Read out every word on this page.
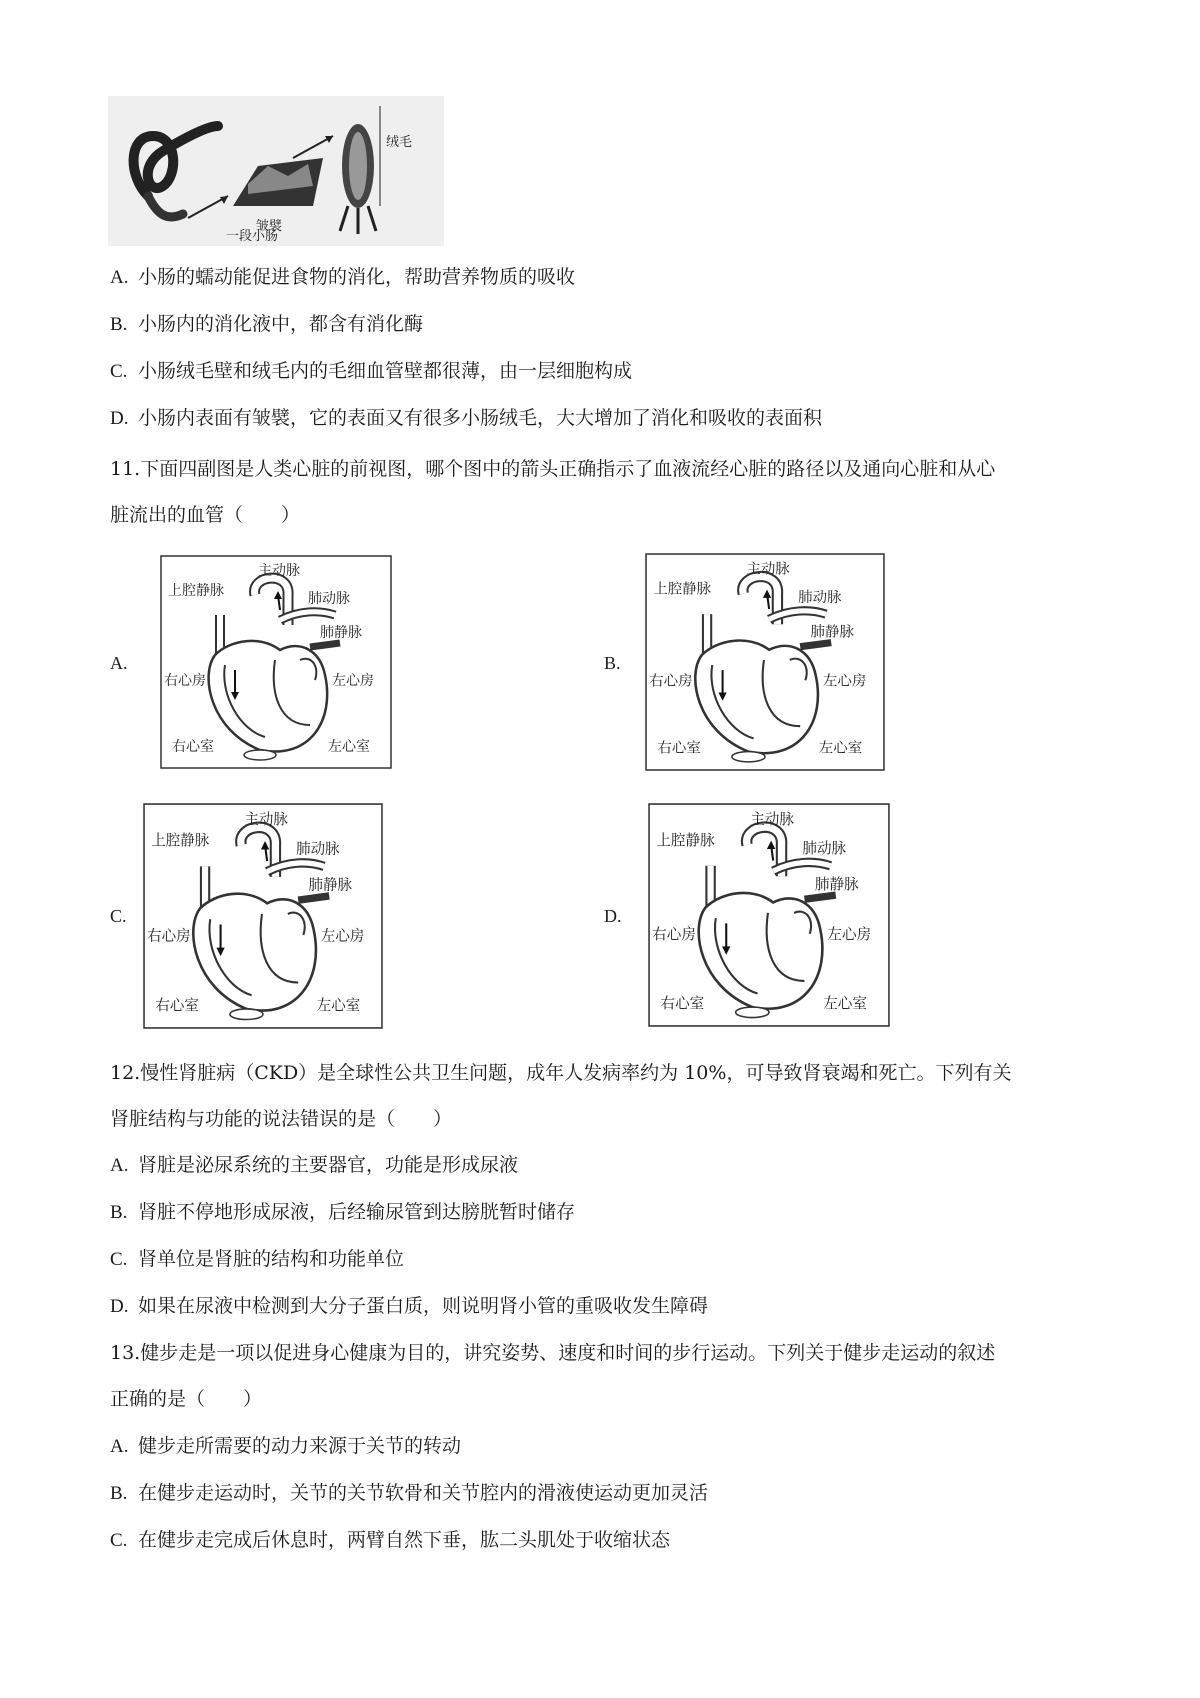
一段小肠
皱襞
绒毛
A. 小肠的蠕动能促进食物的消化，帮助营养物质的吸收
B. 小肠内的消化液中，都含有消化酶
C. 小肠绒毛壁和绒毛内的毛细血管壁都很薄，由一层细胞构成
D. 小肠内表面有皱襞，它的表面又有很多小肠绒毛，大大增加了消化和吸收的表面积
11.下面四副图是人类心脏的前视图，哪个图中的箭头正确指示了血液流经心脏的路径以及通向心脏和从心
脏流出的血管（　　）
A.	B.
C.	D.
主动脉
上腔静脉	肺动脉
肺静脉
右心房	左心房
右心室	左心室
主动脉
上腔静脉
肺动脉
肺静脉
右心房	左心房
右心室	左心室
主动脉
上腔静脉	肺动脉
肺静脉
右心房	左心房
右心室	左心室
主动脉
上腔静脉	肺动脉
肺静脉
右心房	左心房
右心室	左心室
12.慢性肾脏病（CKD）是全球性公共卫生问题，成年人发病率约为 10%，可导致肾衰竭和死亡。下列有关
肾脏结构与功能的说法错误的是（　　）
A. 肾脏是泌尿系统的主要器官，功能是形成尿液
B. 肾脏不停地形成尿液，后经输尿管到达膀胱暂时储存
C. 肾单位是肾脏的结构和功能单位
D. 如果在尿液中检测到大分子蛋白质，则说明肾小管的重吸收发生障碍
13.健步走是一项以促进身心健康为目的，讲究姿势、速度和时间的步行运动。下列关于健步走运动的叙述
正确的是（　　）
A. 健步走所需要的动力来源于关节的转动
B. 在健步走运动时，关节的关节软骨和关节腔内的滑液使运动更加灵活
C. 在健步走完成后休息时，两臂自然下垂，肱二头肌处于收缩状态
